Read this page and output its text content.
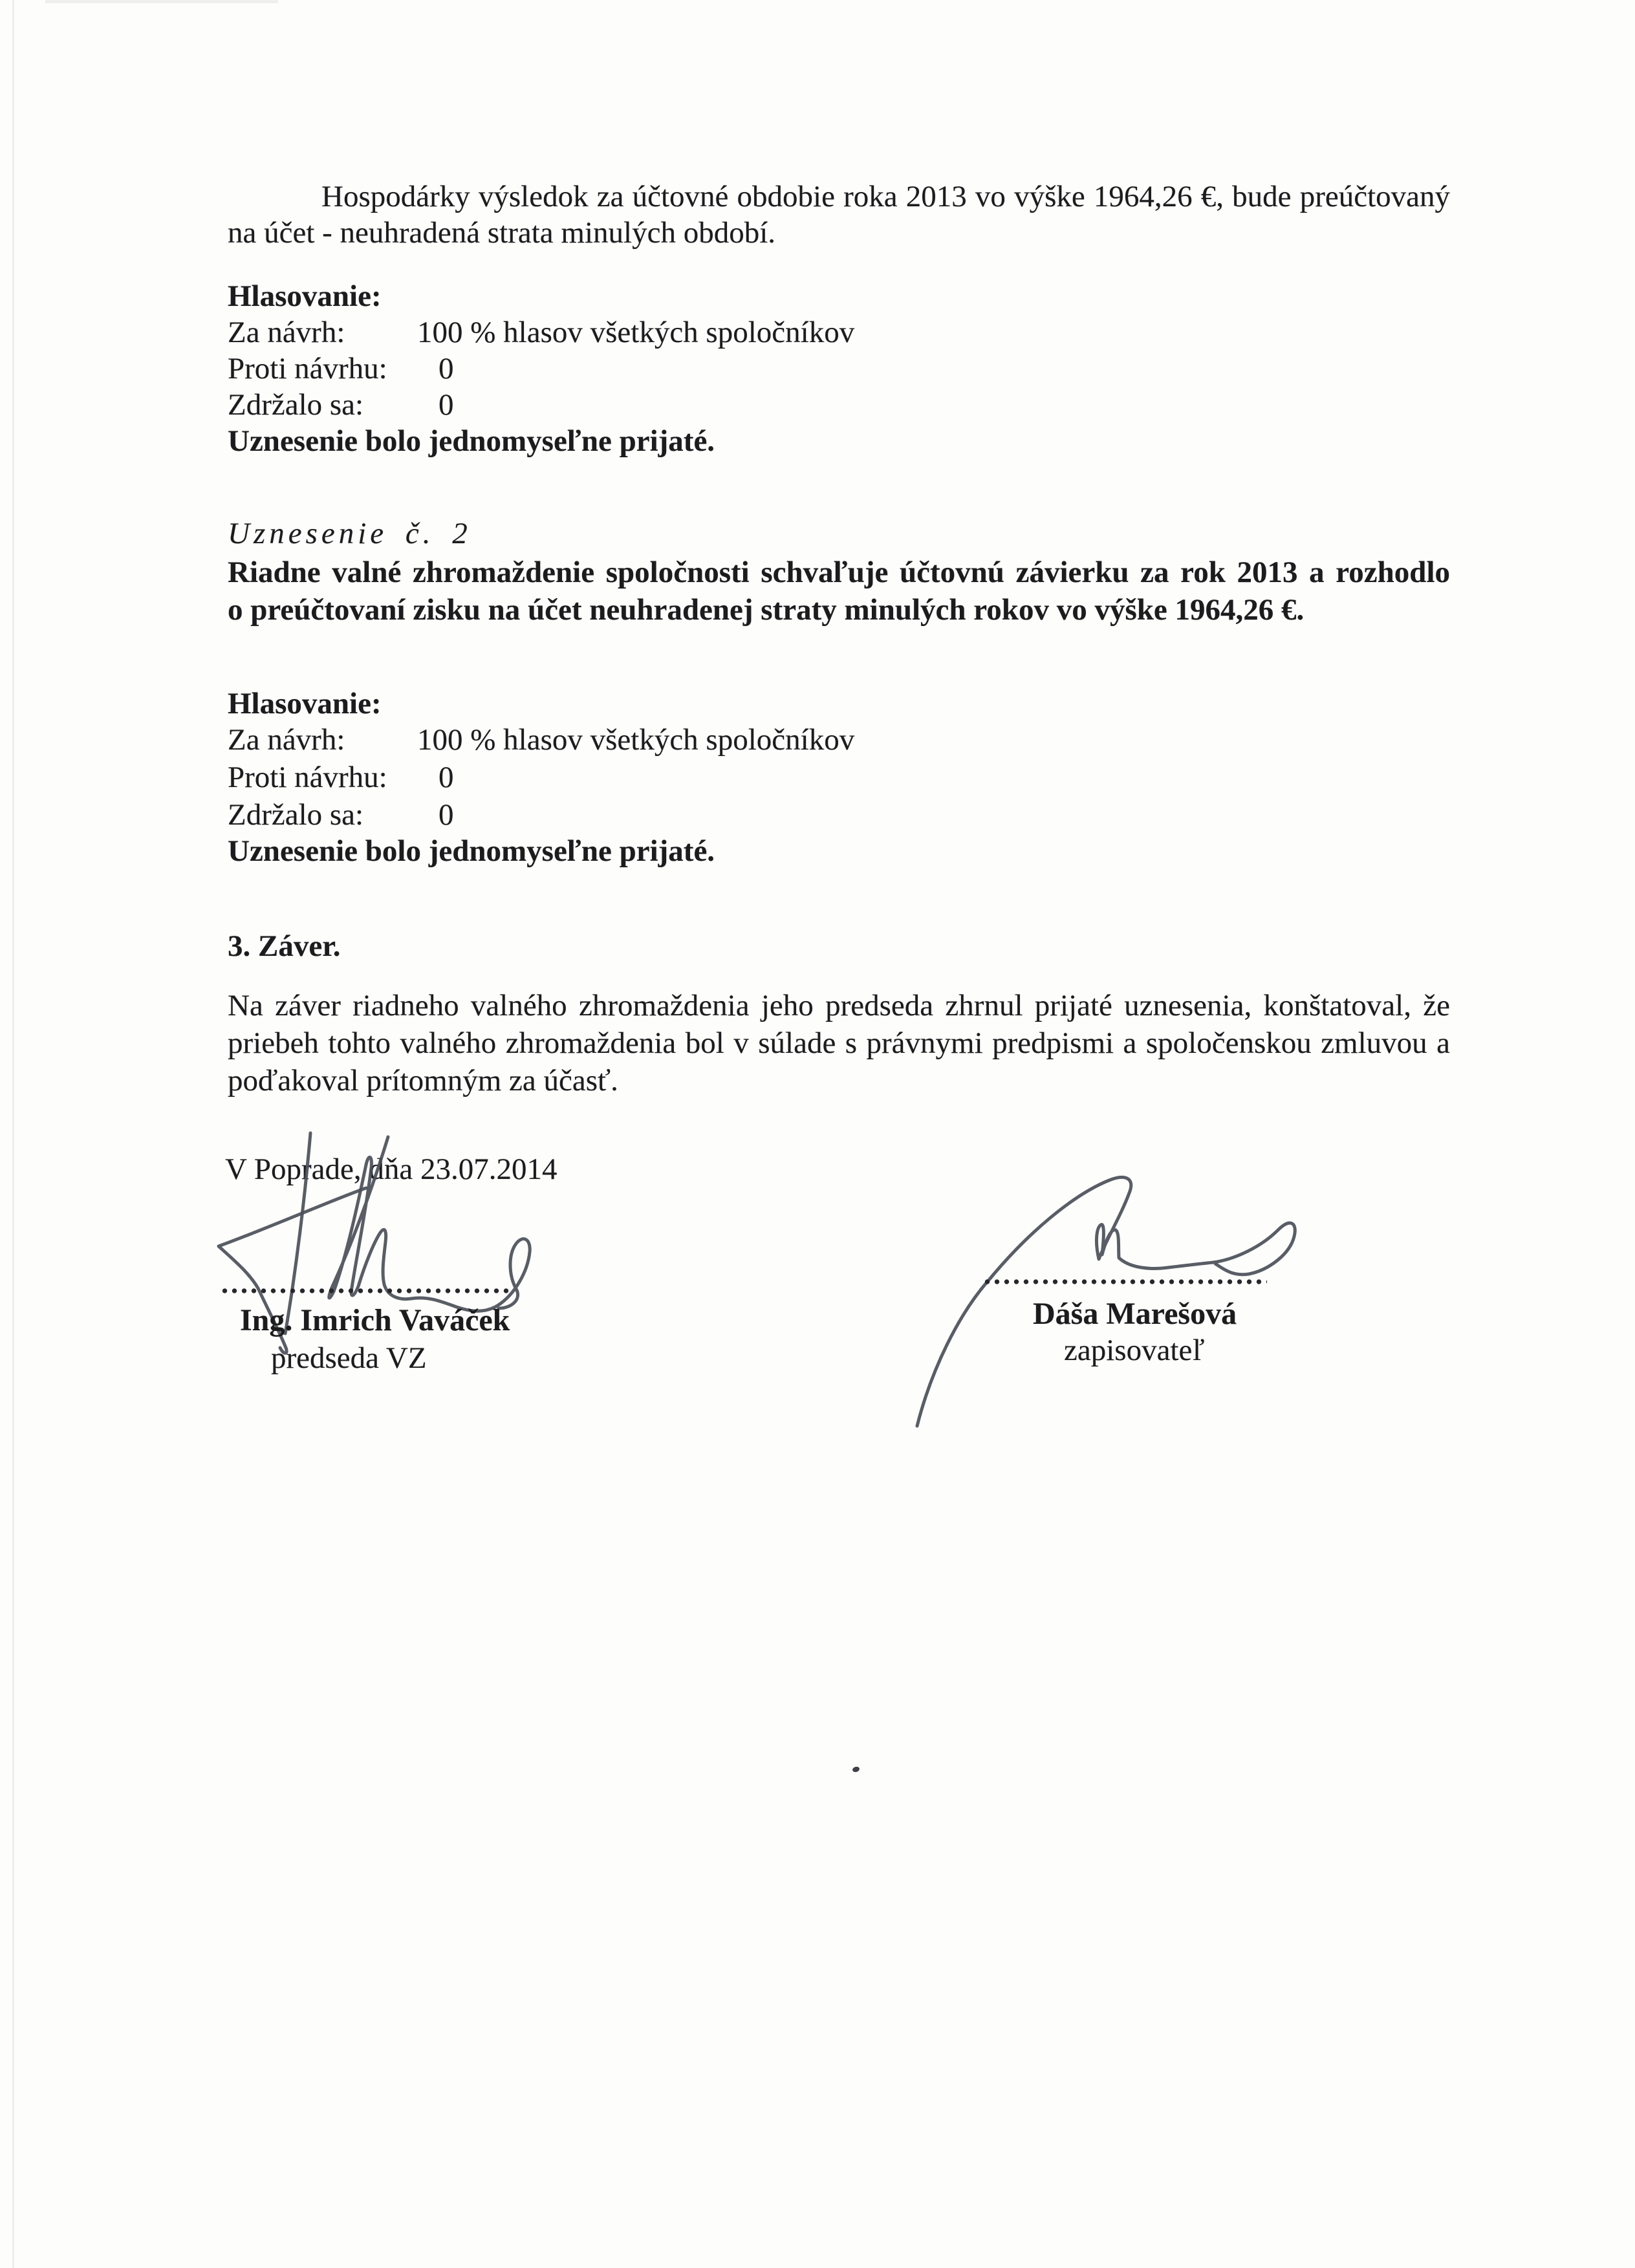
Hospodárky výsledok za účtovné obdobie roka 2013 vo výške 1964,26 €, bude preúčtovaný
na účet - neuhradená strata minulých období.
Hlasovanie:
Za návrh:	100 % hlasov všetkých spoločníkov
Proti návrhu:	0
Zdržalo sa:	0
Uznesenie bolo jednomyseľne prijaté.
Uznesenie č. 2
Riadne valné zhromaždenie spoločnosti schvaľuje účtovnú závierku za rok 2013 a rozhodlo
o preúčtovaní zisku na účet neuhradenej straty minulých rokov vo výške 1964,26 €.
Hlasovanie:
Za návrh:	100 % hlasov všetkých spoločníkov
Proti návrhu:	0
Zdržalo sa:	0
Uznesenie bolo jednomyseľne prijaté.
3. Záver.
Na záver riadneho valného zhromaždenia jeho predseda zhrnul prijaté uznesenia, konštatoval, že
priebeh tohto valného zhromaždenia bol v súlade s právnymi predpismi a spoločenskou zmluvou a
poďakoval prítomným za účasť.
V Poprade, dňa 23.07.2014
Ing. Imrich Vaváček
predseda VZ
Dáša Marešová
zapisovateľ
